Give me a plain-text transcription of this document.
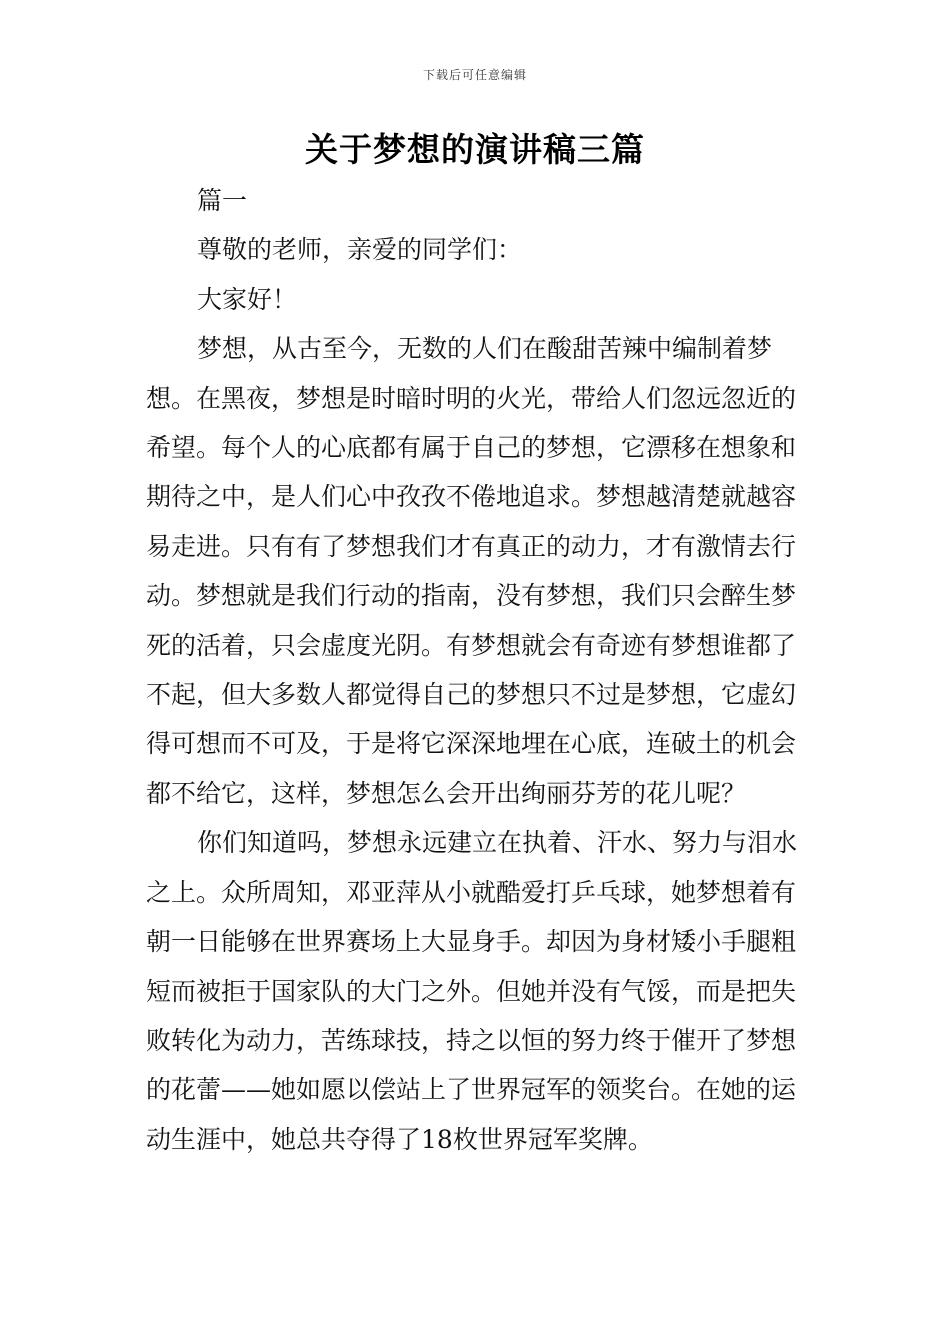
下载后可任意编辑
关于梦想的演讲稿三篇

篇一

尊敬的老师，亲爱的同学们：

大家好！

梦想，从古至今，无数的人们在酸甜苦辣中编制着梦想。在黑夜，梦想是时暗时明的火光，带给人们忽远忽近的希望。每个人的心底都有属于自己的梦想，它漂移在想象和期待之中，是人们心中孜孜不倦地追求。梦想越清楚就越容易走进。只有有了梦想我们才有真正的动力，才有激情去行动。梦想就是我们行动的指南，没有梦想，我们只会醉生梦死的活着，只会虚度光阴。有梦想就会有奇迹有梦想谁都了不起，但大多数人都觉得自己的梦想只不过是梦想，它虚幻得可想而不可及，于是将它深深地埋在心底，连破土的机会都不给它，这样，梦想怎么会开出绚丽芬芳的花儿呢？

你们知道吗，梦想永远建立在执着、汗水、努力与泪水之上。众所周知，邓亚萍从小就酷爱打乒乓球，她梦想着有朝一日能够在世界赛场上大显身手。却因为身材矮小手腿粗短而被拒于国家队的大门之外。但她并没有气馁，而是把失败转化为动力，苦练球技，持之以恒的努力终于催开了梦想的花蕾——她如愿以偿站上了世界冠军的领奖台。在她的运动生涯中，她总共夺得了18枚世界冠军奖牌。
